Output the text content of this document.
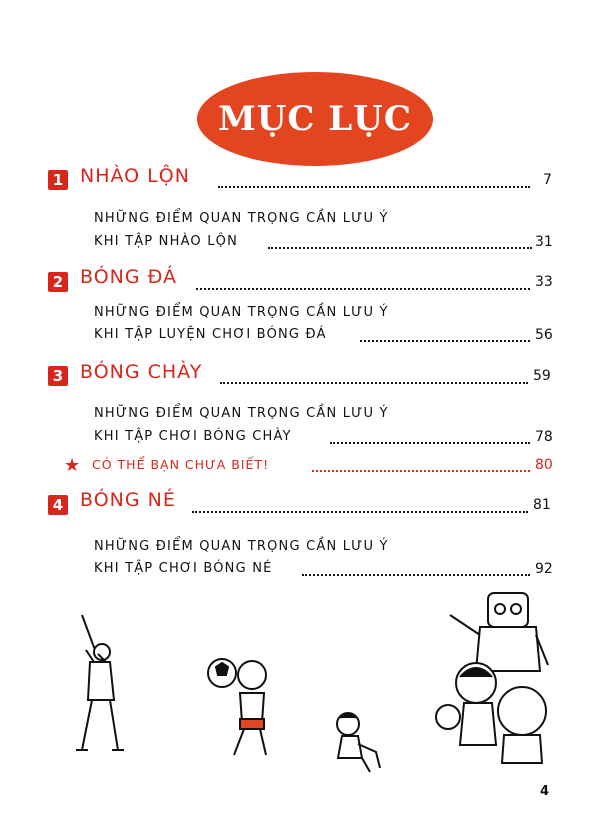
MỤC LỤC
1 NHÀO LỘN	7
NHỮNG ĐIỂM QUAN TRỌNG CẦN LƯU Ý
KHI TẬP NHÀO LỘN	31
2 BÓNG ĐÁ	33
NHỮNG ĐIỂM QUAN TRỌNG CẦN LƯU Ý
KHI TẬP LUYỆN CHƠI BÓNG ĐÁ	56
3 BÓNG CHÀY	59
NHỮNG ĐIỂM QUAN TRỌNG CẦN LƯU Ý
KHI TẬP CHƠI BÓNG CHÀY	78
★ CÓ THỂ BẠN CHƯA BIẾT!	80
4 BÓNG NÉ	81
NHỮNG ĐIỂM QUAN TRỌNG CẦN LƯU Ý
KHI TẬP CHƠI BÓNG NÉ	92
4
